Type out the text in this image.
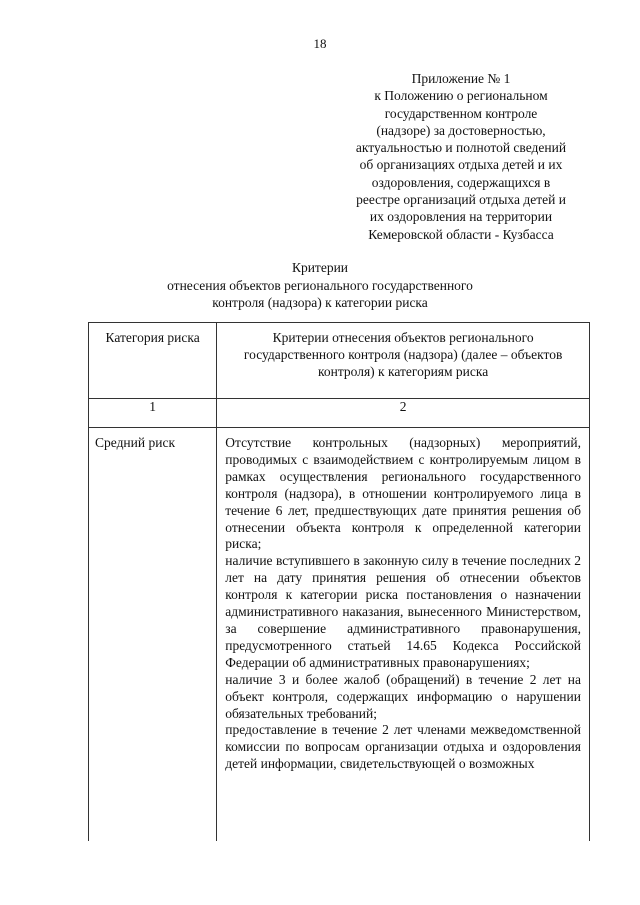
18
Приложение № 1
к Положению о региональном
государственном контроле
(надзоре) за достоверностью,
актуальностью и полнотой сведений
об организациях отдыха детей и их
оздоровления, содержащихся в
реестре организаций отдыха детей и
их оздоровления на территории
Кемеровской области - Кузбасса
Критерии
отнесения объектов регионального государственного
контроля (надзора) к категории риска
Категория риска	Критерии отнесения объектов регионального государственного контроля (надзора) (далее – объектов контроля) к категориям риска
1	2
Средний риск	Отсутствие контрольных (надзорных) мероприятий, проводимых с взаимодействием с контролируемым лицом в рамках осуществления регионального государственного контроля (надзора), в отношении контролируемого лица в течение 6 лет, предшествующих дате принятия решения об отнесении объекта контроля к определенной категории риска;
наличие вступившего в законную силу в течение последних 2 лет на дату принятия решения об отнесении объектов контроля к категории риска постановления о назначении административного наказания, вынесенного Министерством, за совершение административного правонарушения, предусмотренного статьей 14.65 Кодекса Российской Федерации об административных правонарушениях;
наличие 3 и более жалоб (обращений) в течение 2 лет на объект контроля, содержащих информацию о нарушении обязательных требований;
предоставление в течение 2 лет членами межведомственной комиссии по вопросам организации отдыха и оздоровления детей информации, свидетельствующей о возможных
